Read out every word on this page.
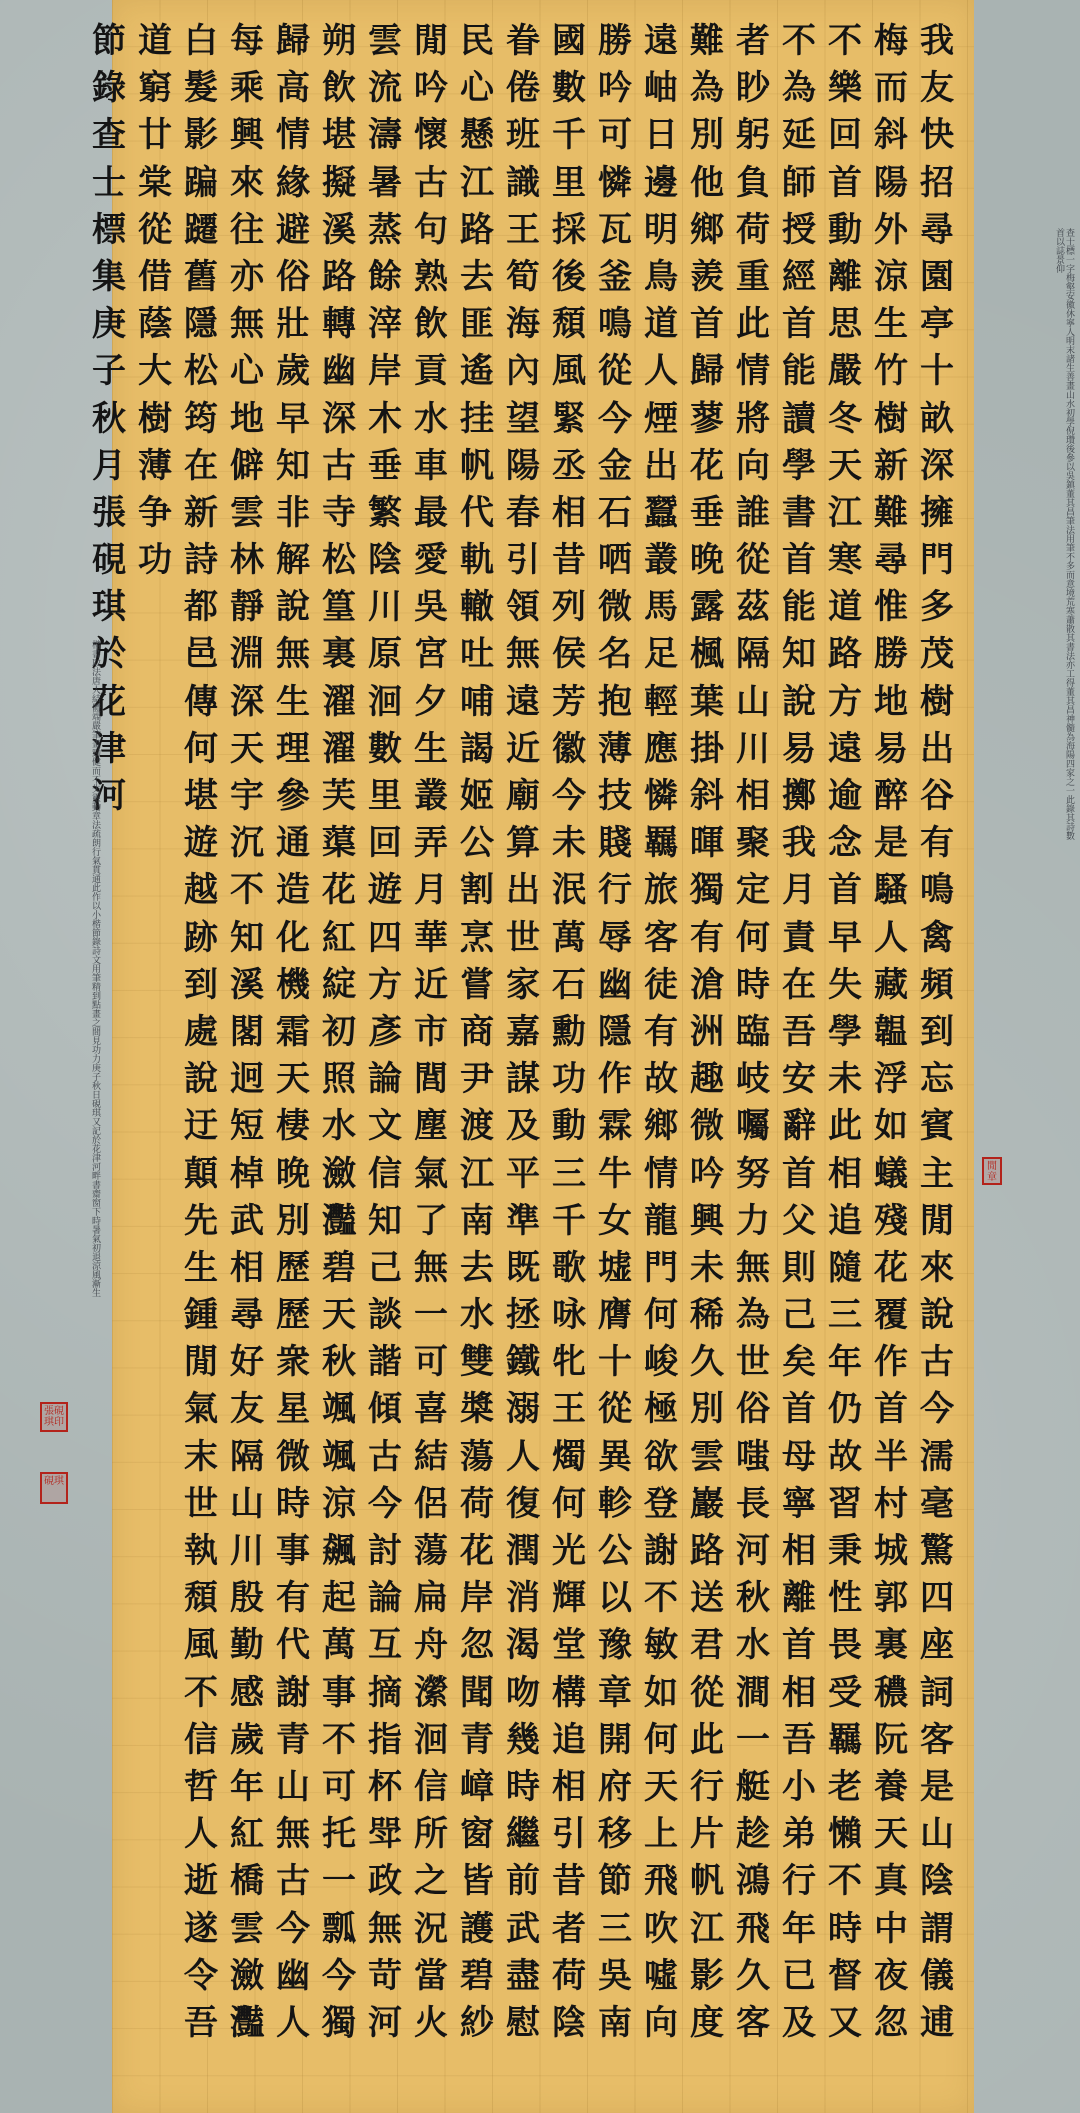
我
友
快
招
尋
園
亭
十
畝
深
擁
門
多
茂
樹
出
谷
有
鳴
禽
頻
到
忘
賓
主
閒
來
說
古
今
濡
毫
驚
四
座
詞
客
是
山
陰
謂
儀
逋
梅
而
斜
陽
外
涼
生
竹
樹
新
難
尋
惟
勝
地
易
醉
是
騷
人
藏
韞
浮
如
蟻
殘
花
覆
作
首
半
村
城
郭
裏
穠
阮
養
天
真
中
夜
忽
不
樂
回
首
動
離
思
嚴
冬
天
江
寒
道
路
方
遠
逾
念
首
早
失
學
未
此
相
追
隨
三
年
仍
故
習
秉
性
畏
受
羈
老
懶
不
時
督
又
不
為
延
師
授
經
首
能
讀
學
書
首
能
知
說
易
擲
我
月
責
在
吾
安
辭
首
父
則
己
矣
首
母
寧
相
離
首
相
吾
小
弟
行
年
已
及
者
眇
躬
負
荷
重
此
情
將
向
誰
從
茲
隔
山
川
相
聚
定
何
時
臨
岐
囑
努
力
無
為
世
俗
嗤
長
河
秋
水
澗
一
艇
趁
鴻
飛
久
客
難
為
別
他
鄉
羨
首
歸
蓼
花
垂
晚
露
楓
葉
掛
斜
暉
獨
有
滄
洲
趣
微
吟
興
未
稀
久
別
雲
巖
路
送
君
從
此
行
片
帆
江
影
度
遠
岫
日
邊
明
鳥
道
人
煙
出
蠶
叢
馬
足
輕
應
憐
羈
旅
客
徒
有
故
鄉
情
龍
門
何
峻
極
欲
登
謝
不
敏
如
何
天
上
飛
吹
噓
向
勝
吟
可
憐
瓦
釜
鳴
從
今
金
石
哂
微
名
抱
薄
技
賤
行
辱
幽
隱
作
霖
牛
女
墟
膺
十
從
異
軫
公
以
豫
章
開
府
移
節
三
吳
南
國
數
千
里
採
後
頹
風
緊
丞
相
昔
列
侯
芳
徽
今
未
泯
萬
石
勳
功
動
三
千
歌
咏
牝
王
燭
何
光
輝
堂
構
追
相
引
昔
者
荷
陰
眷
倦
班
識
王
筍
海
內
望
陽
春
引
領
無
遠
近
廟
算
出
世
家
嘉
謀
及
平
準
既
拯
鐵
溺
人
復
潤
消
渴
吻
幾
時
繼
前
武
盡
慰
民
心
懸
江
路
去
匪
遙
挂
帆
代
軌
轍
吐
哺
謁
姬
公
割
烹
嘗
商
尹
渡
江
南
去
水
雙
槳
蕩
荷
花
岸
忽
聞
青
嶂
窗
皆
護
碧
紗
閒
吟
懷
古
句
熟
飲
貢
水
車
最
愛
吳
宮
夕
生
叢
弄
月
華
近
市
閭
塵
氣
了
無
一
可
喜
結
侶
蕩
扁
舟
瀠
洄
信
所
之
況
當
火
雲
流
濤
暑
蒸
餘
滓
岸
木
垂
繁
陰
川
原
洄
數
里
回
遊
四
方
彥
論
文
信
知
己
談
諧
傾
古
今
討
論
互
摘
指
杯
斝
政
無
苛
河
朔
飲
堪
擬
溪
路
轉
幽
深
古
寺
松
篁
裏
濯
濯
芙
蕖
花
紅
綻
初
照
水
瀲
灩
碧
天
秋
颯
颯
涼
飆
起
萬
事
不
可
托
一
瓢
今
獨
歸
高
情
緣
避
俗
壯
歲
早
知
非
解
說
無
生
理
參
通
造
化
機
霜
天
棲
晚
別
歷
歷
衆
星
微
時
事
有
代
謝
青
山
無
古
今
幽
人
每
乘
興
來
往
亦
無
心
地
僻
雲
林
靜
淵
深
天
宇
沉
不
知
溪
閣
迥
短
棹
武
相
尋
好
友
隔
山
川
殷
勤
感
歲
年
紅
橋
雲
瀲
灩
白
髮
影
蹁
躚
舊
隱
松
筠
在
新
詩
都
邑
傳
何
堪
遊
越
跡
到
處
說
迂
顛
先
生
鍾
閒
氣
末
世
執
頹
風
不
信
哲
人
逝
遂
令
吾
道
窮
廿
棠
從
借
蔭
大
樹
薄
争
功
節
錄
查
士
標
集
庚
子
秋
月
張
硯
琪
於
花
津
河	查士標一字梅壑安徽休寧人明末諸生善畫山水初學倪瓚後參以吳鎮董其昌筆法用筆不多而意境荒寒蕭散其書法亦工得董其昌神髓為海陽四家之一此錄其詩數首以誌景仰
楷書取法唐人結體端嚴筆畫勁健而不失靈動章法疏朗行氣貫通此作以小楷節錄詩文用筆精到點畫之間見功力庚子秋日硯琪又記於花津河畔書齋窗下時暑氣初退涼風漸生	閒章
張硯琪印
硯琪
